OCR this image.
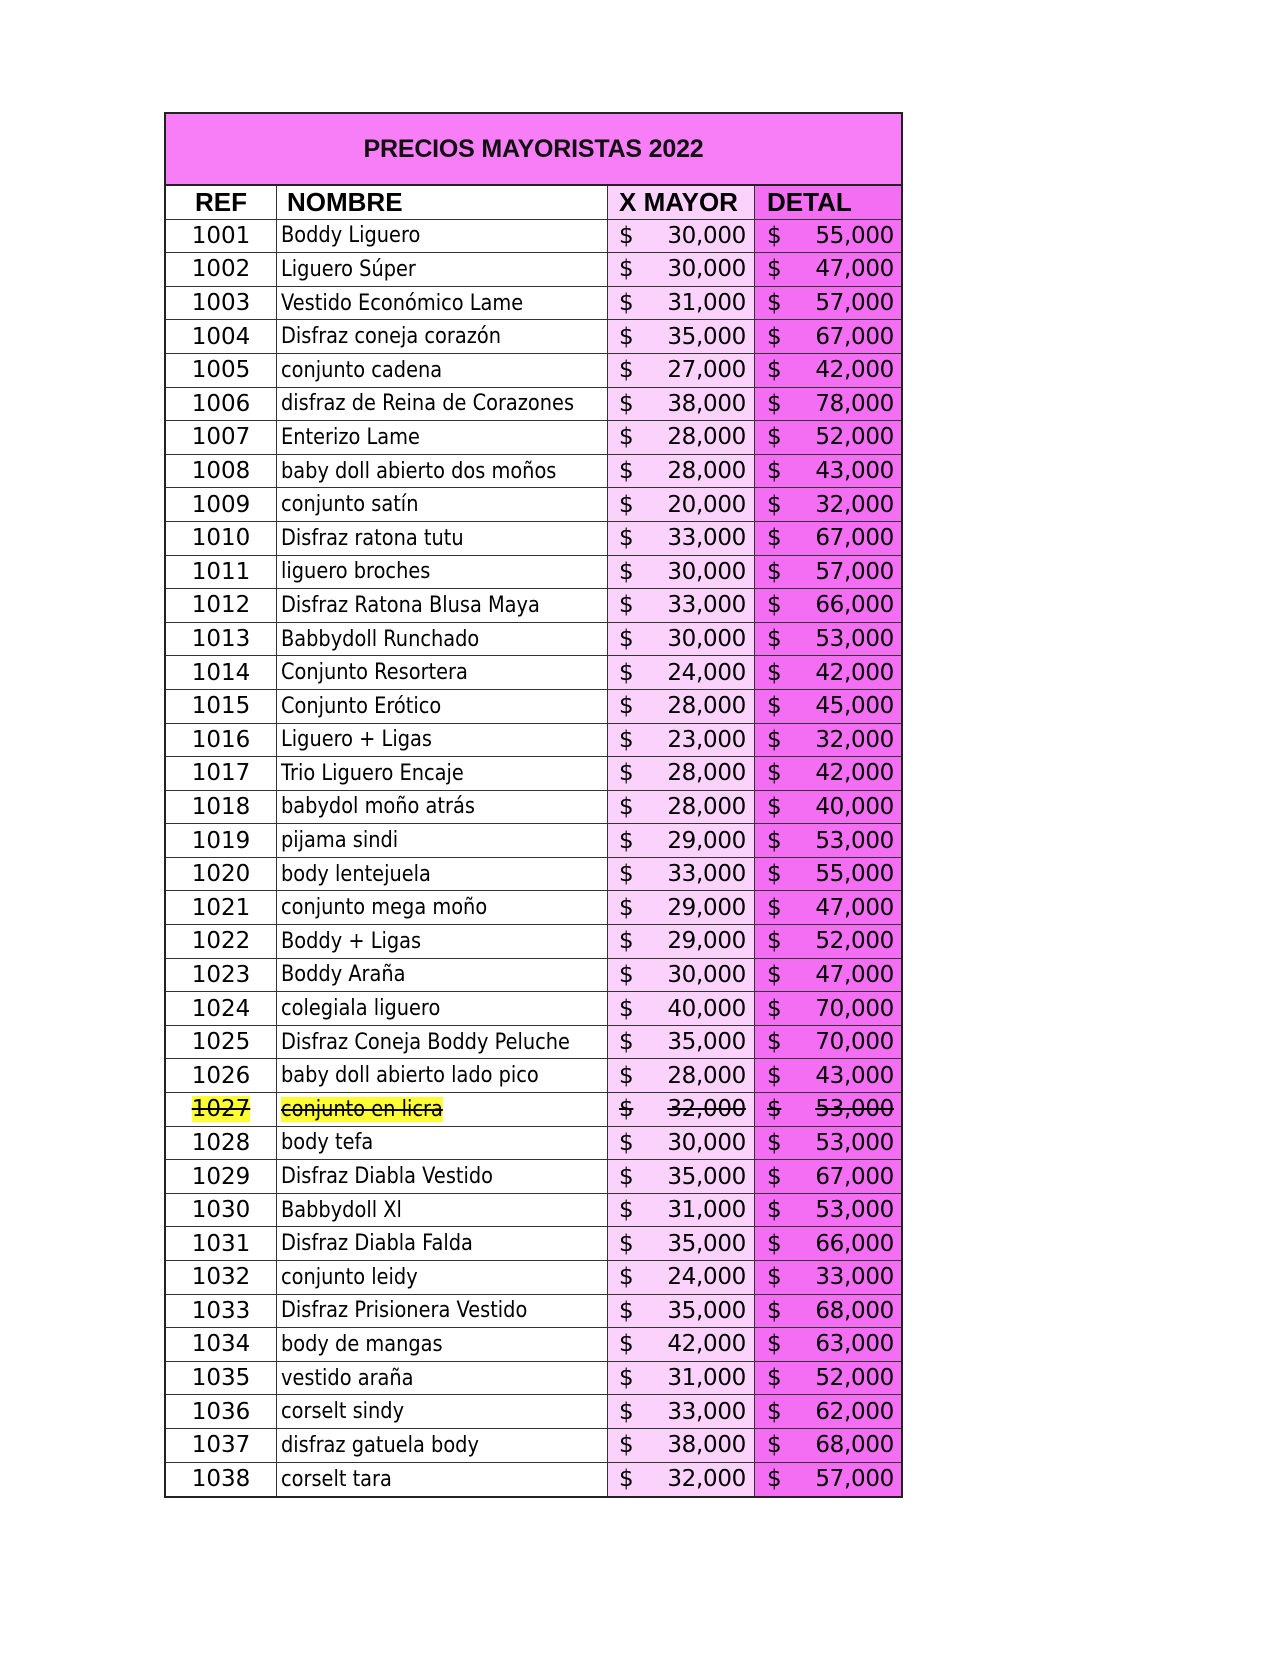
PRECIOS MAYORISTAS 2022
REF	NOMBRE	X MAYOR	DETAL
1001 Boddy Liguero	$ 30,000 $ 55,000
1002 Liguero Súper	$ 30,000 $ 47,000
1003 Vestido Económico Lame	$ 31,000 $ 57,000
1004 Disfraz coneja corazón	$ 35,000 $ 67,000
1005 conjunto cadena	$ 27,000 $ 42,000
1006 disfraz de Reina de Corazones $ 38,000 $ 78,000
1007 Enterizo Lame	$ 28,000 $ 52,000
1008 baby doll abierto dos moños	$ 28,000 $ 43,000
1009 conjunto satín	$ 20,000 $ 32,000
1010 Disfraz ratona tutu	$ 33,000 $ 67,000
1011 liguero broches	$ 30,000 $ 57,000
1012 Disfraz Ratona Blusa Maya	$ 33,000 $ 66,000
1013 Babbydoll Runchado	$ 30,000 $ 53,000
1014 Conjunto Resortera	$ 24,000 $ 42,000
1015 Conjunto Erótico	$ 28,000 $ 45,000
1016 Liguero + Ligas	$ 23,000 $ 32,000
1017 Trio Liguero Encaje	$ 28,000 $ 42,000
1018 babydol moño atrás	$ 28,000 $ 40,000
1019 pijama sindi	$ 29,000 $ 53,000
1020 body lentejuela	$ 33,000 $ 55,000
1021 conjunto mega moño	$ 29,000 $ 47,000
1022 Boddy + Ligas	$ 29,000 $ 52,000
1023 Boddy Araña	$ 30,000 $ 47,000
1024 colegiala liguero	$ 40,000 $ 70,000
1025 Disfraz Coneja Boddy Peluche $ 35,000 $ 70,000
1026 baby doll abierto lado pico	$ 28,000 $ 43,000
1027 conjunto en licra	$ 32,000 $ 53,000
1028 body tefa	$ 30,000 $ 53,000
1029 Disfraz Diabla Vestido	$ 35,000 $ 67,000
1030 Babbydoll Xl	$ 31,000 $ 53,000
1031 Disfraz Diabla Falda	$ 35,000 $ 66,000
1032 conjunto leidy	$ 24,000 $ 33,000
1033 Disfraz Prisionera Vestido	$ 35,000 $ 68,000
1034 body de mangas	$ 42,000 $ 63,000
1035 vestido araña	$ 31,000 $ 52,000
1036 corselt sindy	$ 33,000 $ 62,000
1037 disfraz gatuela body	$ 38,000 $ 68,000
1038 corselt tara	$ 32,000 $ 57,000
